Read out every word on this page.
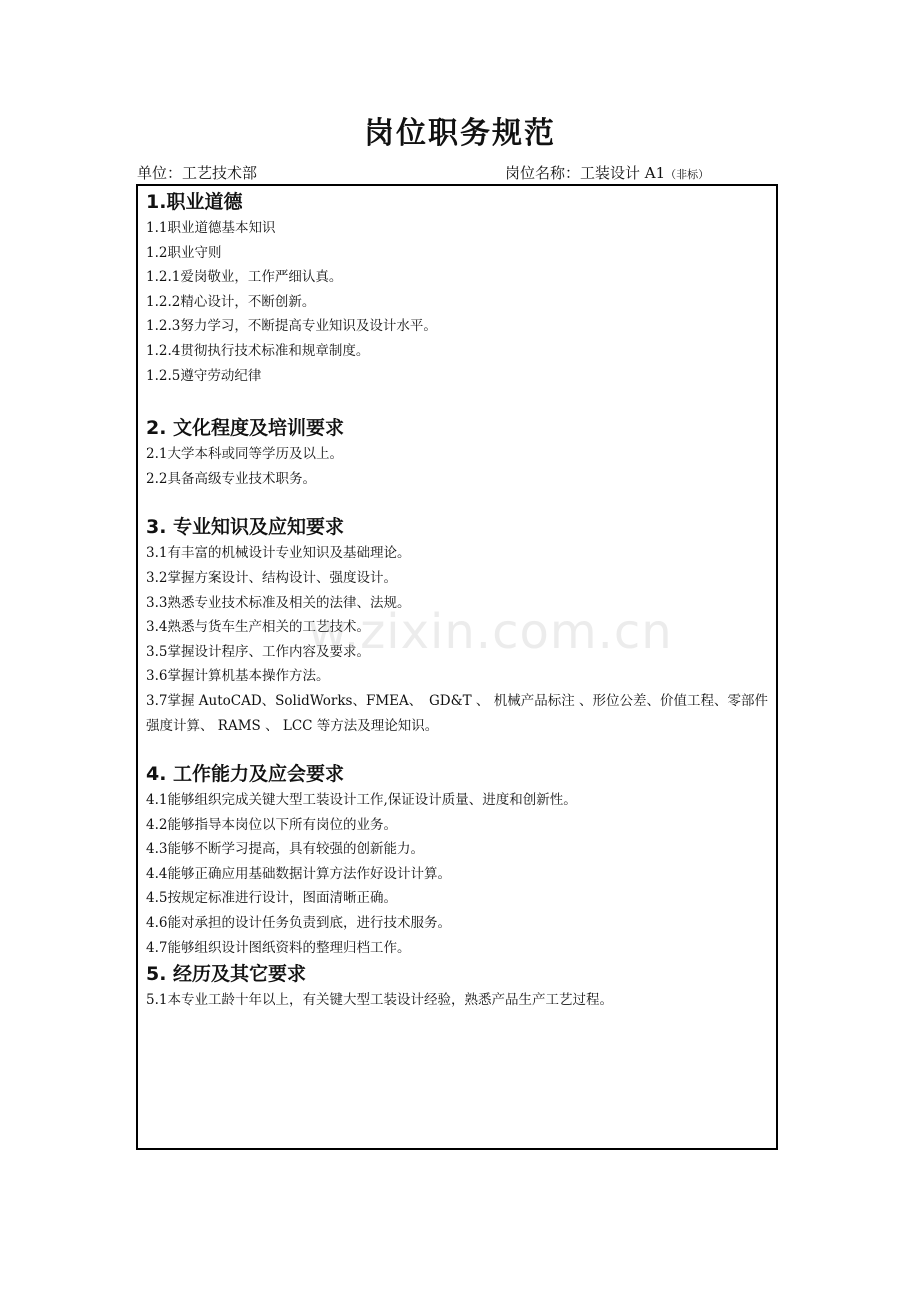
岗位职务规范
单位：工艺技术部	岗位名称：工装设计 A1（非标）

1.职业道德

1.1职业道德基本知识

1.2职业守则

1.2.1爱岗敬业，工作严细认真。

1.2.2精心设计，不断创新。

1.2.3努力学习，不断提高专业知识及设计水平。

1.2.4贯彻执行技术标准和规章制度。

1.2.5遵守劳动纪律

2. 文化程度及培训要求

2.1大学本科或同等学历及以上。

2.2具备高级专业技术职务。

3. 专业知识及应知要求

3.1有丰富的机械设计专业知识及基础理论。

3.2掌握方案设计、结构设计、强度设计。

3.3熟悉专业技术标准及相关的法律、法规。

3.4熟悉与货车生产相关的工艺技术。

3.5掌握设计程序、工作内容及要求。

3.6掌握计算机基本操作方法。

3.7掌握 AutoCAD、SolidWorks、FMEA、　GD&T 、 机械产品标注 、形位公差、价值工程、零部件强度计算、 RAMS 、 LCC 等方法及理论知识。

4. 工作能力及应会要求

4.1能够组织完成关键大型工装设计工作,保证设计质量、进度和创新性。

4.2能够指导本岗位以下所有岗位的业务。

4.3能够不断学习提高，具有较强的创新能力。

4.4能够正确应用基础数据计算方法作好设计计算。

4.5按规定标准进行设计，图面清晰正确。

4.6能对承担的设计任务负责到底，进行技术服务。

4.7能够组织设计图纸资料的整理归档工作。

5. 经历及其它要求

5.1本专业工龄十年以上，有关键大型工装设计经验，熟悉产品生产工艺过程。

w.zixin.com.cn
